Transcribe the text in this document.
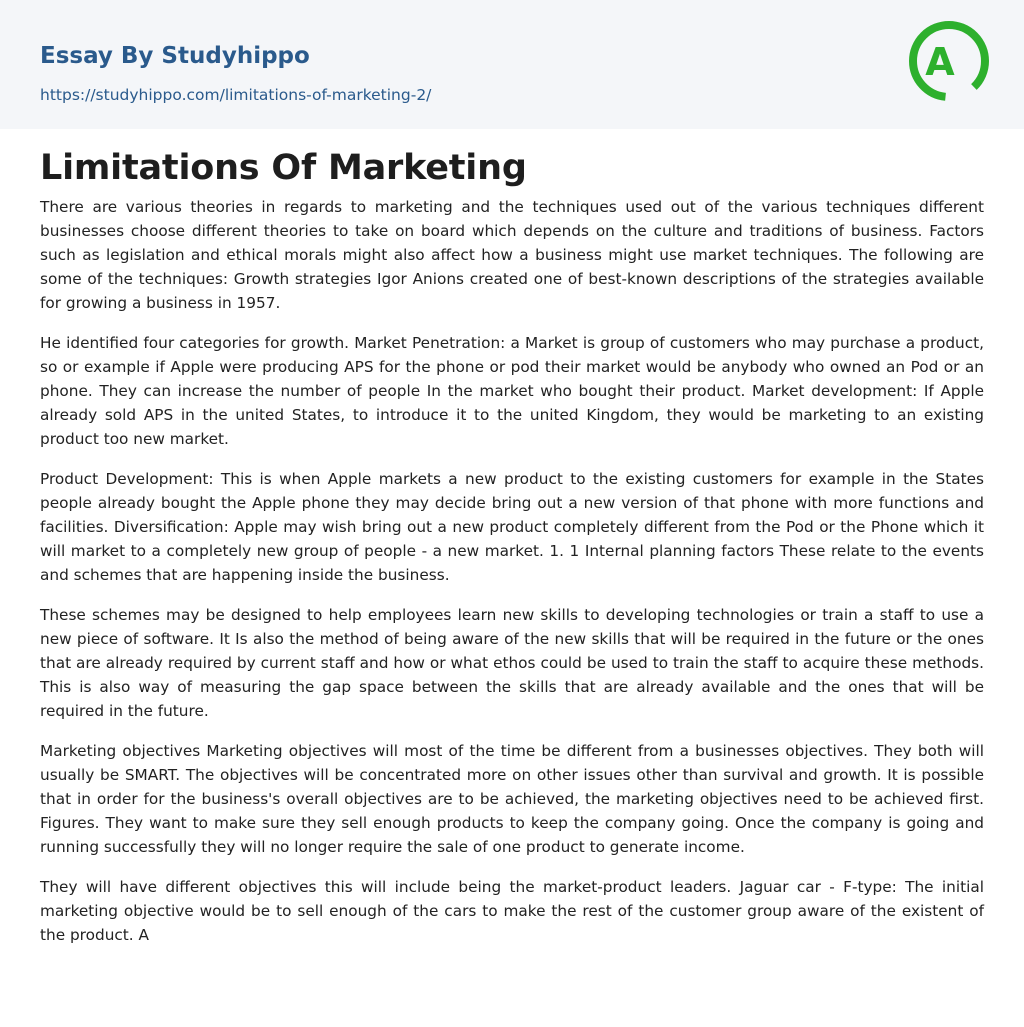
Essay By Studyhippo
https://studyhippo.com/limitations-of-marketing-2/
A
Limitations Of Marketing

There are various theories in regards to marketing and the techniques used out of the various techniques different businesses choose different theories to take on board which depends on the culture and traditions of business. Factors such as legislation and ethical morals might also affect how a business might use market techniques. The following are some of the techniques: Growth strategies Igor Anions created one of best-known descriptions of the strategies available for growing a business in 1957.

He identified four categories for growth. Market Penetration: a Market is group of customers who may purchase a product, so or example if Apple were producing APS for the phone or pod their market would be anybody who owned an Pod or an phone. They can increase the number of people In the market who bought their product. Market development: If Apple already sold APS in the united States, to introduce it to the united Kingdom, they would be marketing to an existing product too new market.

Product Development: This is when Apple markets a new product to the existing customers for example in the States people already bought the Apple phone they may decide bring out a new version of that phone with more functions and facilities. Diversification: Apple may wish bring out a new product completely different from the Pod or the Phone which it will market to a completely new group of people - a new market. 1. 1 Internal planning factors These relate to the events and schemes that are happening inside the business.

These schemes may be designed to help employees learn new skills to developing technologies or train a staff to use a new piece of software. It Is also the method of being aware of the new skills that will be required in the future or the ones that are already required by current staff and how or what ethos could be used to train the staff to acquire these methods. This is also way of measuring the gap space between the skills that are already available and the ones that will be required in the future.

Marketing objectives Marketing objectives will most of the time be different from a businesses objectives. They both will usually be SMART. The objectives will be concentrated more on other issues other than survival and growth. It is possible that in order for the business's overall objectives are to be achieved, the marketing objectives need to be achieved first. Figures. They want to make sure they sell enough products to keep the company going. Once the company is going and running successfully they will no longer require the sale of one product to generate income.

They will have different objectives this will include being the market-product leaders. Jaguar car - F-type: The initial marketing objective would be to sell enough of the cars to make the rest of the customer group aware of the existent of the product. A
